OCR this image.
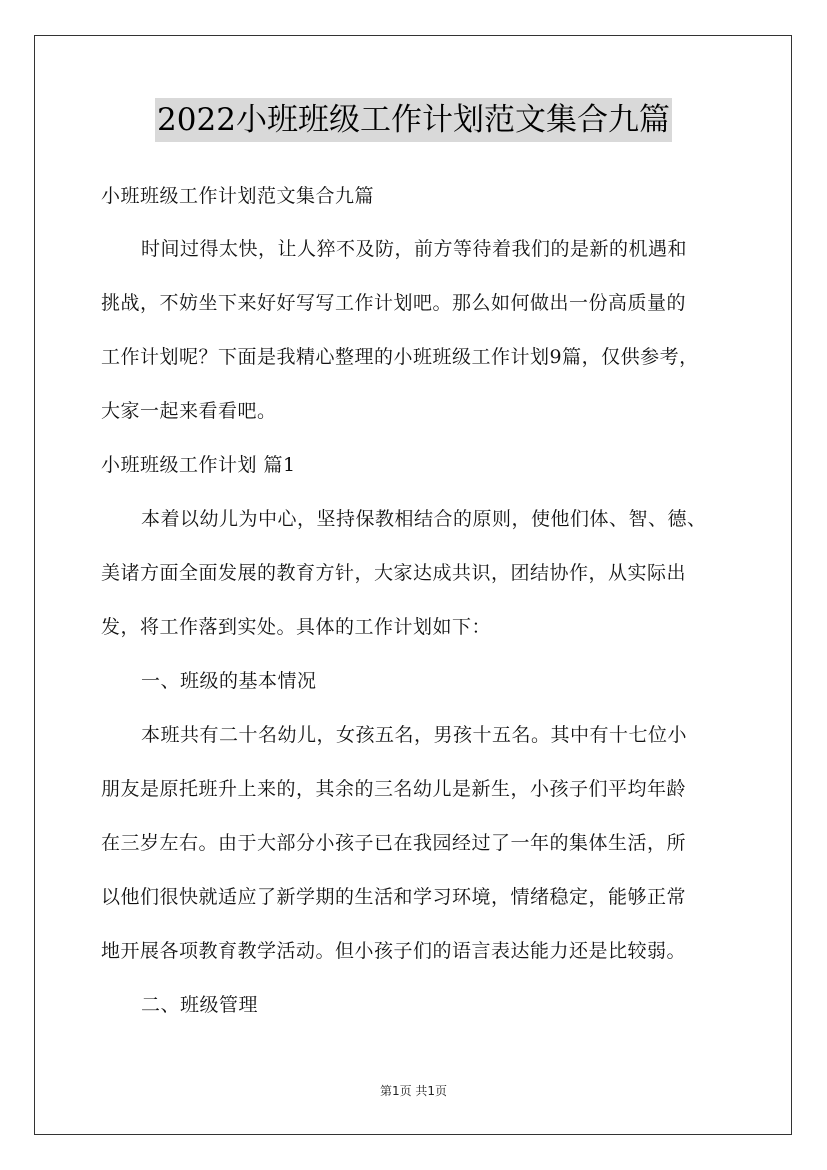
2022小班班级工作计划范文集合九篇
小班班级工作计划范文集合九篇
时间过得太快，让人猝不及防，前方等待着我们的是新的机遇和
挑战，不妨坐下来好好写写工作计划吧。那么如何做出一份高质量的
工作计划呢？下面是我精心整理的小班班级工作计划9篇，仅供参考，
大家一起来看看吧。
小班班级工作计划 篇1
本着以幼儿为中心，坚持保教相结合的原则，使他们体、智、德、
美诸方面全面发展的教育方针，大家达成共识，团结协作，从实际出
发，将工作落到实处。具体的工作计划如下：
一、班级的基本情况
本班共有二十名幼儿，女孩五名，男孩十五名。其中有十七位小
朋友是原托班升上来的，其余的三名幼儿是新生，小孩子们平均年龄
在三岁左右。由于大部分小孩子已在我园经过了一年的集体生活，所
以他们很快就适应了新学期的生活和学习环境，情绪稳定，能够正常
地开展各项教育教学活动。但小孩子们的语言表达能力还是比较弱。
二、班级管理
第1页 共1页
